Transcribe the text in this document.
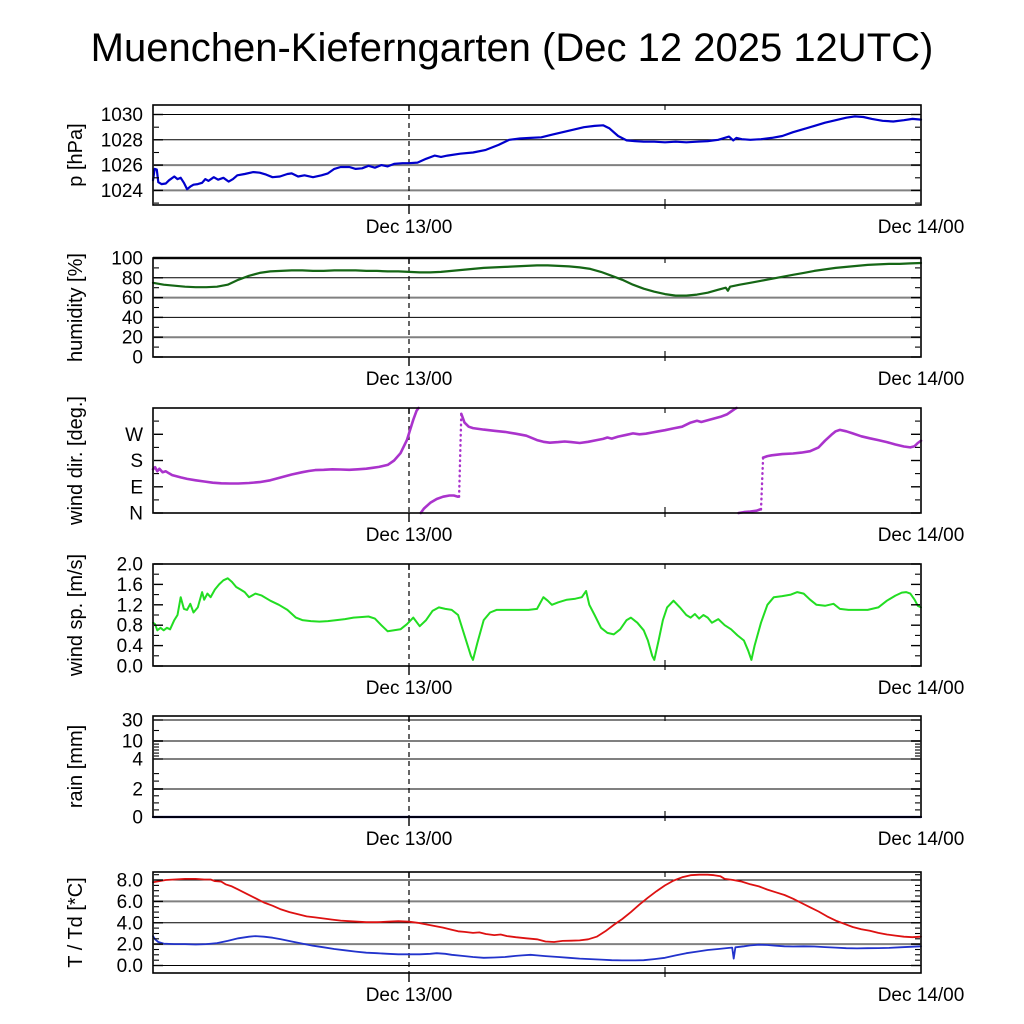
Muenchen-Kieferngarten (Dec 12 2025 12UTC)
1024
1026
1028
1030
Dec 13/00	Dec 14/00
p [hPa]
0
20
40
60
80
100
Dec 13/00	Dec 14/00
humidity [%]
N
E
S
W
Dec 13/00	Dec 14/00
wind dir. [deg.]
0.0
0.4
0.8
1.2
1.6
2.0
Dec 13/00	Dec 14/00
wind sp. [m/s]
0
2
4
10
30
Dec 13/00	Dec 14/00
rain [mm]
0.0
2.0
4.0
6.0
8.0
Dec 13/00	Dec 14/00
T / Td [*C]
